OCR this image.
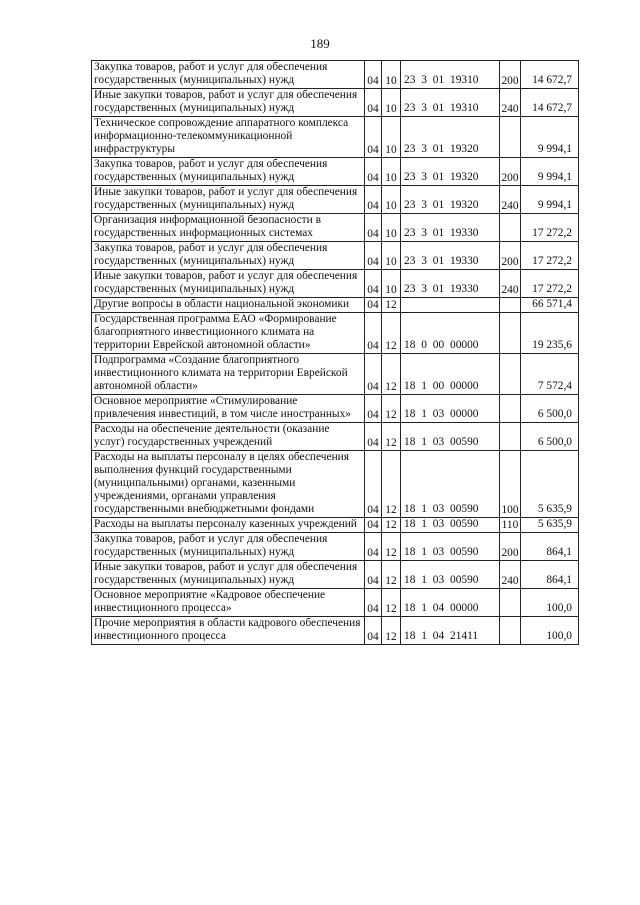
189
Закупка товаров, работ и услуг для обеспечения государственных (муниципальных) нужд	04	10	23 3 01 19310	200	14 672,7
Иные закупки товаров, работ и услуг для обеспечения государственных (муниципальных) нужд	04	10	23 3 01 19310	240	14 672,7
Техническое сопровождение аппаратного комплекса информационно-телекоммуникационной инфраструктуры	04	10	23 3 01 19320		9 994,1
Закупка товаров, работ и услуг для обеспечения государственных (муниципальных) нужд	04	10	23 3 01 19320	200	9 994,1
Иные закупки товаров, работ и услуг для обеспечения государственных (муниципальных) нужд	04	10	23 3 01 19320	240	9 994,1
Организация информационной безопасности в государственных информационных системах	04	10	23 3 01 19330		17 272,2
Закупка товаров, работ и услуг для обеспечения государственных (муниципальных) нужд	04	10	23 3 01 19330	200	17 272,2
Иные закупки товаров, работ и услуг для обеспечения государственных (муниципальных) нужд	04	10	23 3 01 19330	240	17 272,2
Другие вопросы в области национальной экономики	04	12			66 571,4
Государственная программа ЕАО «Формирование благоприятного инвестиционного климата на территории Еврейской автономной области»	04	12	18 0 00 00000		19 235,6
Подпрограмма «Создание благоприятного инвестиционного климата на территории Еврейской автономной области»	04	12	18 1 00 00000		7 572,4
Основное мероприятие «Стимулирование привлечения инвестиций, в том числе иностранных»	04	12	18 1 03 00000		6 500,0
Расходы на обеспечение деятельности (оказание услуг) государственных учреждений	04	12	18 1 03 00590		6 500,0
Расходы на выплаты персоналу в целях обеспечения выполнения функций государственными (муниципальными) органами, казенными учреждениями, органами управления государственными внебюджетными фондами	04	12	18 1 03 00590	100	5 635,9
Расходы на выплаты персоналу казенных учреждений	04	12	18 1 03 00590	110	5 635,9
Закупка товаров, работ и услуг для обеспечения государственных (муниципальных) нужд	04	12	18 1 03 00590	200	864,1
Иные закупки товаров, работ и услуг для обеспечения государственных (муниципальных) нужд	04	12	18 1 03 00590	240	864,1
Основное мероприятие «Кадровое обеспечение инвестиционного процесса»	04	12	18 1 04 00000		100,0
Прочие мероприятия в области кадрового обеспечения инвестиционного процесса	04	12	18 1 04 21411		100,0
